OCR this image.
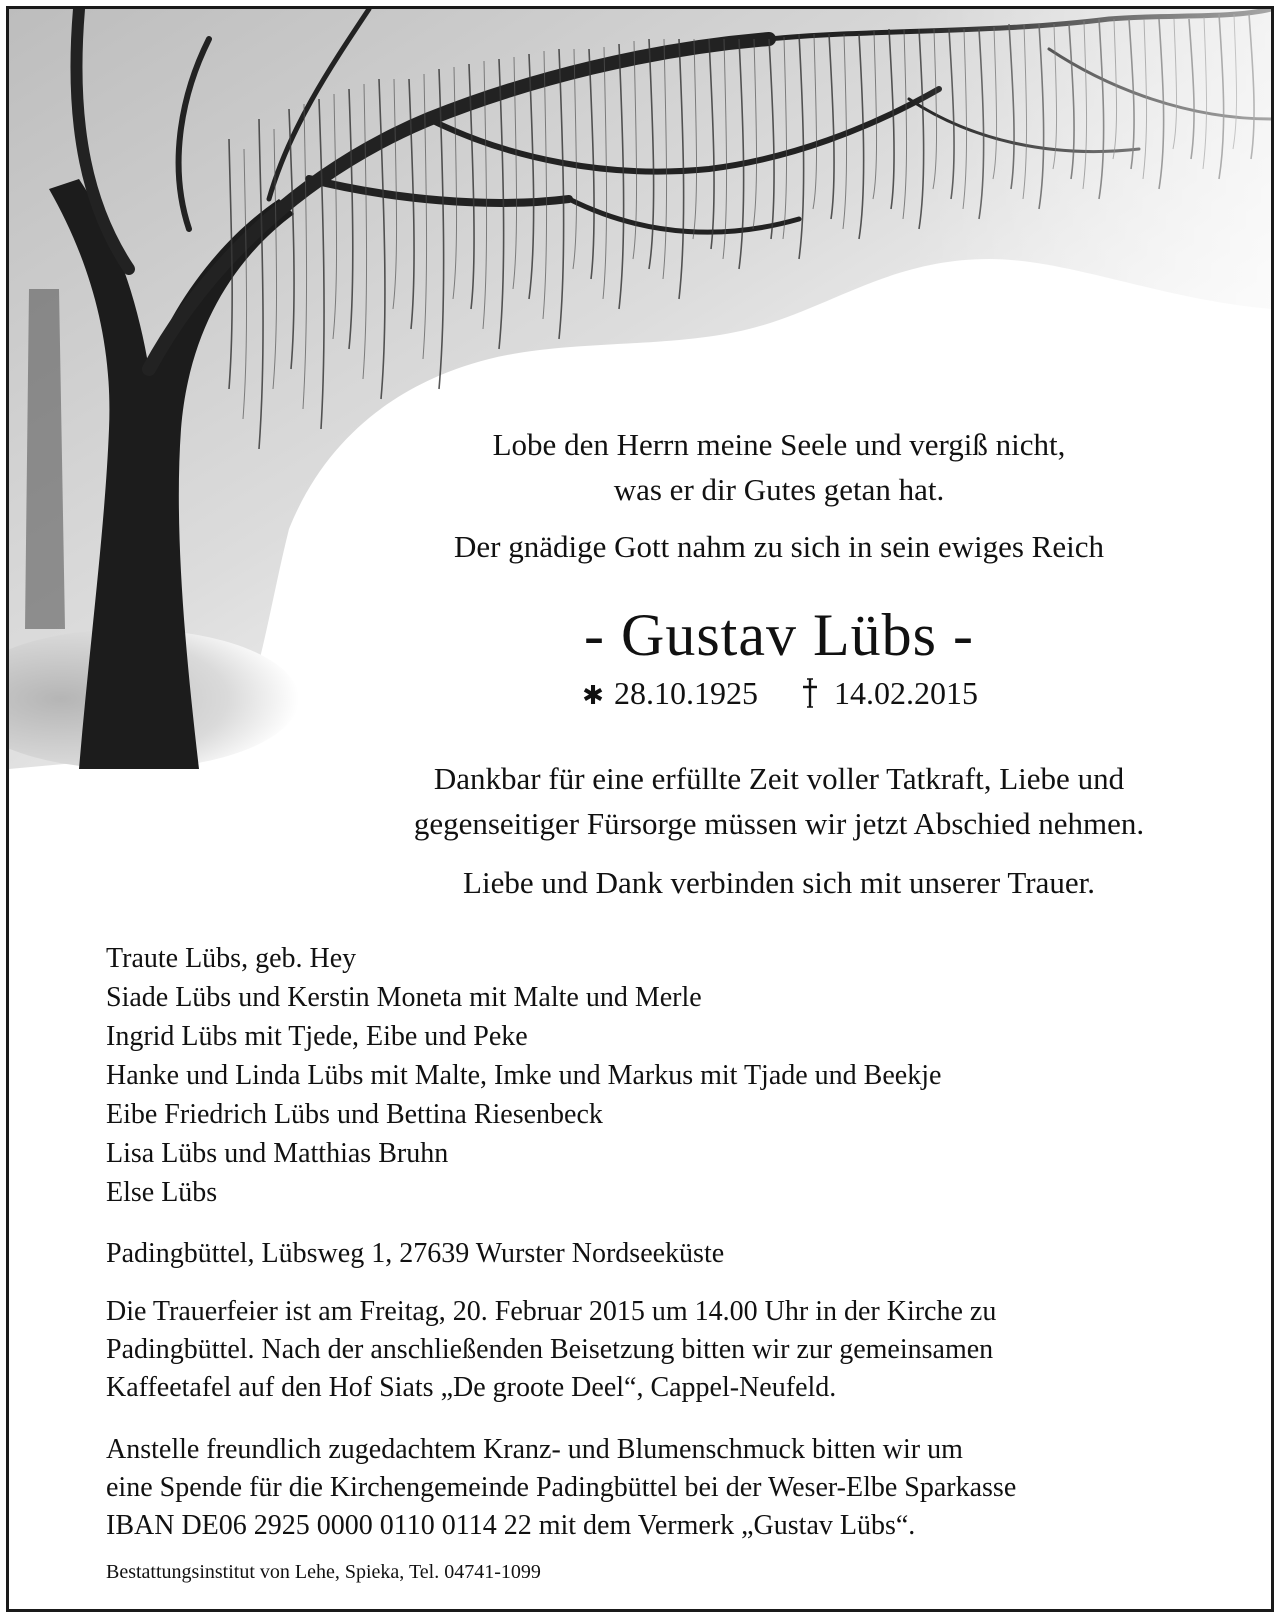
Lobe den Herrn meine Seele und vergiß nicht,
was er dir Gutes getan hat.
Der gnädige Gott nahm zu sich in sein ewiges Reich
- Gustav Lübs -
✱ 28.10.1925 14.02.2015
Dankbar für eine erfüllte Zeit voller Tatkraft, Liebe und
gegenseitiger Fürsorge müssen wir jetzt Abschied nehmen.
Liebe und Dank verbinden sich mit unserer Trauer.
Traute Lübs, geb. Hey
Siade Lübs und Kerstin Moneta mit Malte und Merle
Ingrid Lübs mit Tjede, Eibe und Peke
Hanke und Linda Lübs mit Malte, Imke und Markus mit Tjade und Beekje
Eibe Friedrich Lübs und Bettina Riesenbeck
Lisa Lübs und Matthias Bruhn
Else Lübs

Padingbüttel, Lübsweg 1, 27639 Wurster Nordseeküste

Die Trauerfeier ist am Freitag, 20. Februar 2015 um 14.00 Uhr in der Kirche zu
Padingbüttel. Nach der anschließenden Beisetzung bitten wir zur gemeinsamen
Kaffeetafel auf den Hof Siats „De groote Deel“, Cappel-Neufeld.

Anstelle freundlich zugedachtem Kranz- und Blumenschmuck bitten wir um
eine Spende für die Kirchengemeinde Padingbüttel bei der Weser-Elbe Sparkasse
IBAN DE06 2925 0000 0110 0114 22 mit dem Vermerk „Gustav Lübs“.

Bestattungsinstitut von Lehe, Spieka, Tel. 04741-1099
